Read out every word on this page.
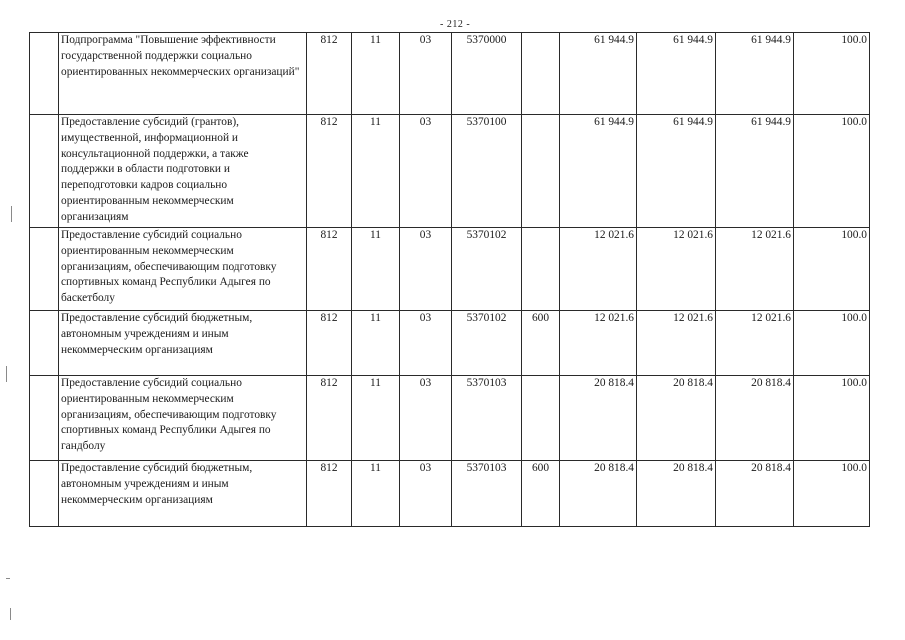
- 212 -
	Подпрограмма "Повышение эффективности государственной поддержки социально ориентированных некоммерческих организаций"	812	11	03	5370000		61 944.9	61 944.9	61 944.9	100.0
	Предоставление субсидий (грантов), имущественной, информационной и консультационной поддержки, а также поддержки в области подготовки и переподготовки кадров социально ориентированным некоммерческим организациям	812	11	03	5370100		61 944.9	61 944.9	61 944.9	100.0
	Предоставление субсидий социально ориентированным некоммерческим организациям, обеспечивающим подготовку спортивных команд Республики Адыгея по баскетболу	812	11	03	5370102		12 021.6	12 021.6	12 021.6	100.0
	Предоставление субсидий бюджетным, автономным учреждениям и иным некоммерческим организациям	812	11	03	5370102	600	12 021.6	12 021.6	12 021.6	100.0
	Предоставление субсидий социально ориентированным некоммерческим организациям, обеспечивающим подготовку спортивных команд Республики Адыгея по гандболу	812	11	03	5370103		20 818.4	20 818.4	20 818.4	100.0
	Предоставление субсидий бюджетным, автономным учреждениям и иным некоммерческим организациям	812	11	03	5370103	600	20 818.4	20 818.4	20 818.4	100.0
